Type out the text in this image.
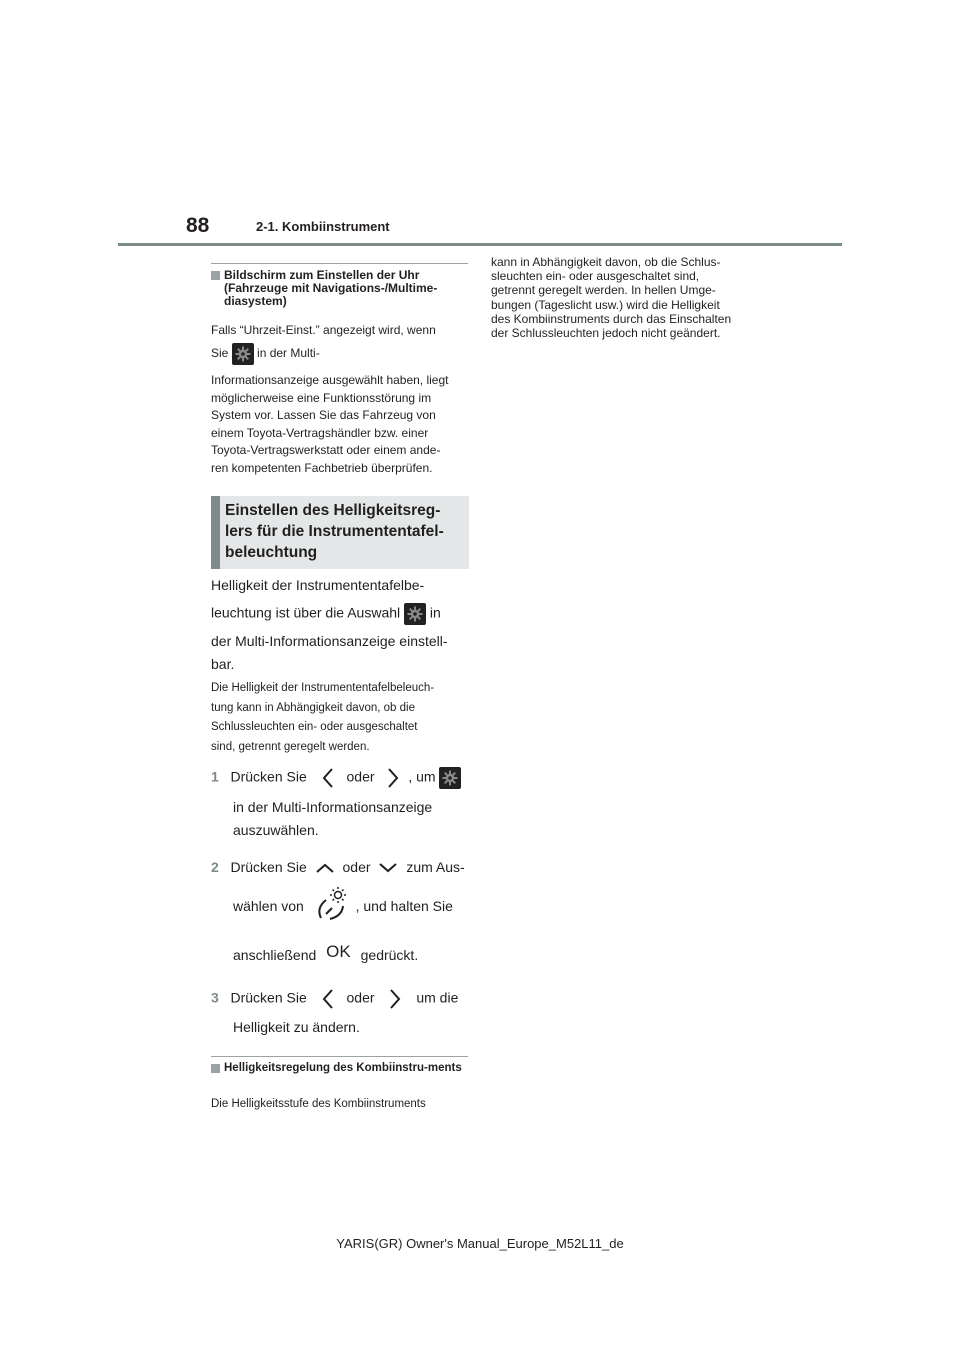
88	2-1. Kombiinstrument
Bildschirm zum Einstellen der Uhr (Fahrzeuge mit Navigations-/Multime-diasystem)
Falls “Uhrzeit-Einst.” angezeigt wird, wenn
Sie in der Multi-
Informationsanzeige ausgewählt haben, liegt
möglicherweise eine Funktionsstörung im
System vor. Lassen Sie das Fahrzeug von
einem Toyota-Vertragshändler bzw. einer
Toyota-Vertragswerkstatt oder einem ande-
ren kompetenten Fachbetrieb überprüfen.
Einstellen des Helligkeitsreg-
lers für die Instrumententafel-
beleuchtung
Helligkeit der Instrumententafelbe-
leuchtung ist über die Auswahl in
der Multi-Informationsanzeige einstell-
bar.
Die Helligkeit der Instrumententafelbeleuch-
tung kann in Abhängigkeit davon, ob die
Schlussleuchten ein- oder ausgeschaltet
sind, getrennt geregelt werden.
1 Drücken Sie	oder , um
in der Multi-Informationsanzeige
auszuwählen.
2 Drücken Sie	oder	zum Aus-
wählen von	, und halten Sie
anschließend OK gedrückt.
3 Drücken Sie	oder	um die
Helligkeit zu ändern.
Helligkeitsregelung des Kombiinstru-ments
Die Helligkeitsstufe des Kombiinstruments
kann in Abhängigkeit davon, ob die Schlus-
sleuchten ein- oder ausgeschaltet sind,
getrennt geregelt werden. In hellen Umge-
bungen (Tageslicht usw.) wird die Helligkeit
des Kombiinstruments durch das Einschalten
der Schlussleuchten jedoch nicht geändert.
YARIS(GR) Owner's Manual_Europe_M52L11_de
